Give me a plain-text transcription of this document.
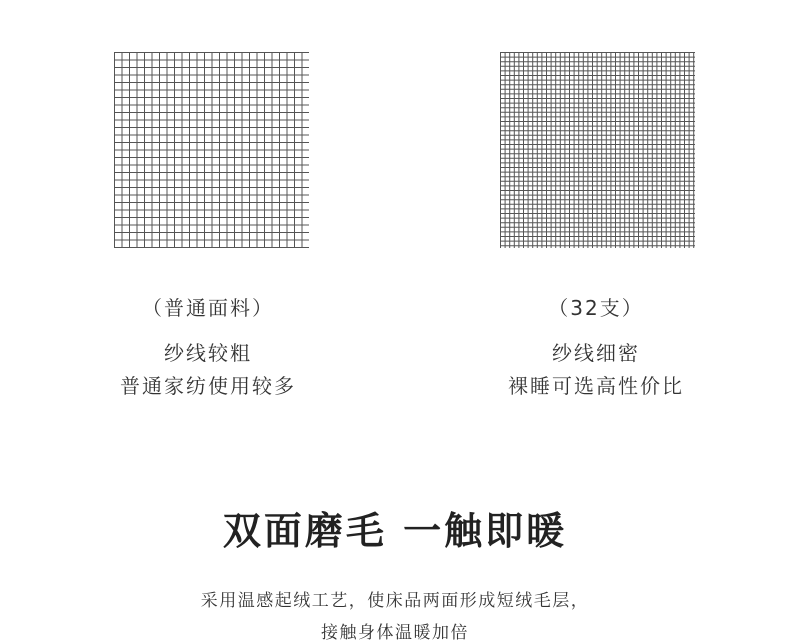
（普通面料）
纱线较粗
普通家纺使用较多
（32支）
纱线细密
裸睡可选高性价比
双面磨毛 一触即暖
采用温感起绒工艺，使床品两面形成短绒毛层，
接触身体温暖加倍
